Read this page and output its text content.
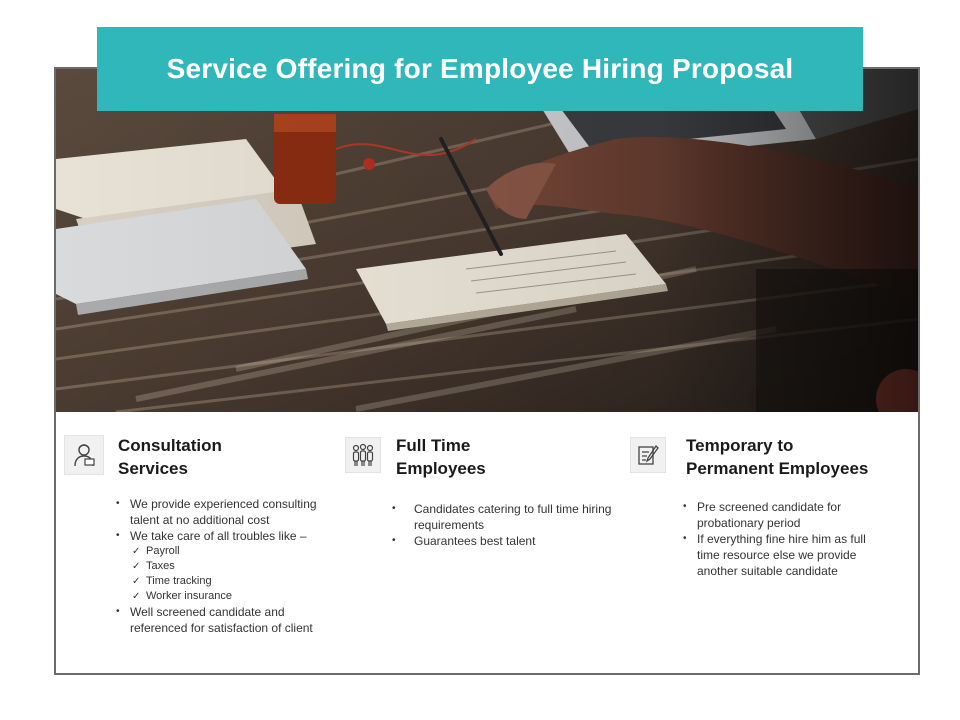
Service Offering for Employee Hiring Proposal
Consultation
Services
• We provide experienced consulting
talent at no additional cost
• We take care of all troubles like –
✓ Payroll
✓ Taxes
✓ Time tracking
✓ Worker insurance
• Well screened candidate and
referenced for satisfaction of client
Full Time
Employees
• Candidates catering to full time hiring
requirements
• Guarantees best talent
Temporary to
Permanent Employees
• Pre screened candidate for
probationary period
• If everything fine hire him as full
time resource else we provide
another suitable candidate
